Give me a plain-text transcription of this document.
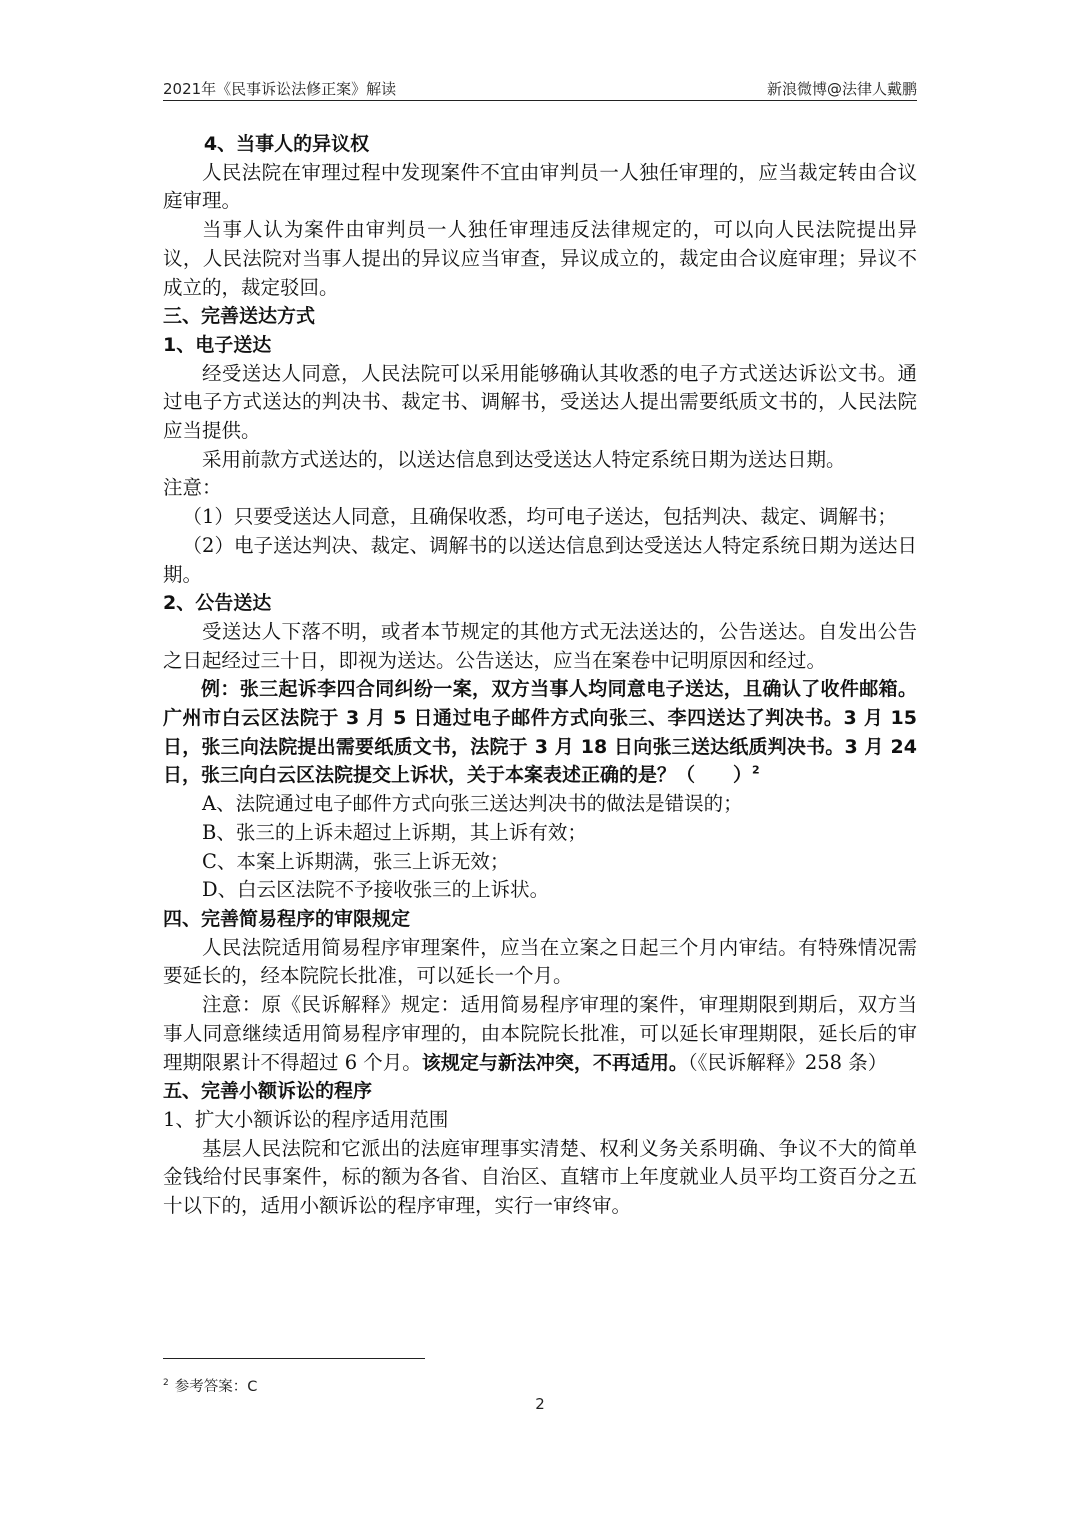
2021年《民事诉讼法修正案》解读	新浪微博@法律人戴鹏

4、当事人的异议权

人民法院在审理过程中发现案件不宜由审判员一人独任审理的，应当裁定转由合议庭审理。

当事人认为案件由审判员一人独任审理违反法律规定的，可以向人民法院提出异议，人民法院对当事人提出的异议应当审查，异议成立的，裁定由合议庭审理；异议不成立的，裁定驳回。

三、完善送达方式

1、电子送达

经受送达人同意，人民法院可以采用能够确认其收悉的电子方式送达诉讼文书。通过电子方式送达的判决书、裁定书、调解书，受送达人提出需要纸质文书的，人民法院应当提供。

采用前款方式送达的，以送达信息到达受送达人特定系统日期为送达日期。

注意：

（1）只要受送达人同意，且确保收悉，均可电子送达，包括判决、裁定、调解书；

（2）电子送达判决、裁定、调解书的以送达信息到达受送达人特定系统日期为送达日期。

2、公告送达

受送达人下落不明，或者本节规定的其他方式无法送达的，公告送达。自发出公告之日起经过三十日，即视为送达。公告送达，应当在案卷中记明原因和经过。

例：张三起诉李四合同纠纷一案，双方当事人均同意电子送达，且确认了收件邮箱。广州市白云区法院于 3 月 5 日通过电子邮件方式向张三、李四送达了判决书。3 月 15 日，张三向法院提出需要纸质文书，法院于 3 月 18 日向张三送达纸质判决书。3 月 24 日，张三向白云区法院提交上诉状，关于本案表述正确的是？（　　）$^2$

A、法院通过电子邮件方式向张三送达判决书的做法是错误的；

B、张三的上诉未超过上诉期，其上诉有效；

C、本案上诉期满，张三上诉无效；

D、白云区法院不予接收张三的上诉状。

四、完善简易程序的审限规定

人民法院适用简易程序审理案件，应当在立案之日起三个月内审结。有特殊情况需要延长的，经本院院长批准，可以延长一个月。

注意：原《民诉解释》规定：适用简易程序审理的案件，审理期限到期后，双方当事人同意继续适用简易程序审理的，由本院院长批准，可以延长审理期限，延长后的审理期限累计不得超过 6 个月。该规定与新法冲突，不再适用。（《民诉解释》258 条）

五、完善小额诉讼的程序

1、扩大小额诉讼的程序适用范围

基层人民法院和它派出的法庭审理事实清楚、权利义务关系明确、争议不大的简单金钱给付民事案件，标的额为各省、自治区、直辖市上年度就业人员平均工资百分之五十以下的，适用小额诉讼的程序审理，实行一审终审。

$^2$ 参考答案：C
2
